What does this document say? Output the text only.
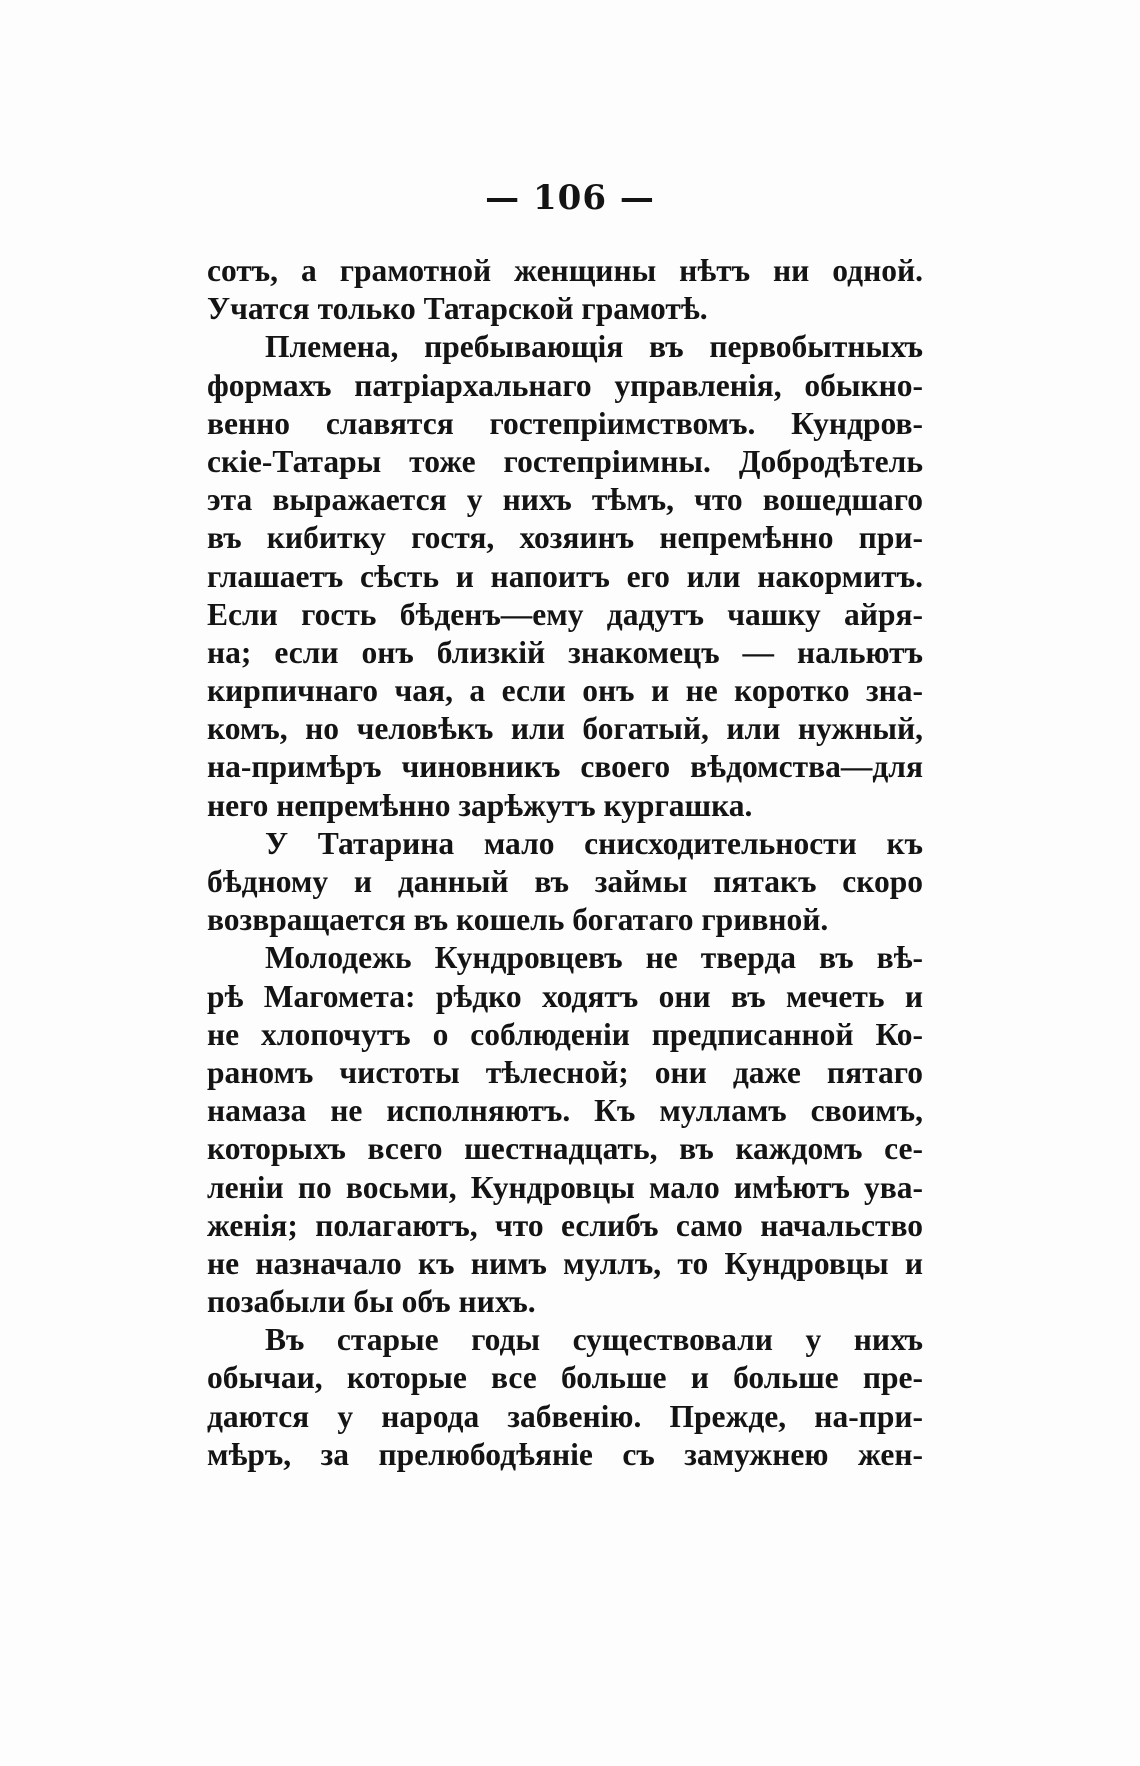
— 106 —
сотъ, а грамотной женщины нѣтъ ни одной.
Учатся только Татарской грамотѣ.
Племена, пребывающія въ первобытныхъ
формахъ патріархальнаго управленія, обыкно-
венно славятся гостепріимствомъ. Кундров-
скіе-Татары тоже гостепріимны. Добродѣтель
эта выражается у нихъ тѣмъ, что вошедшаго
въ кибитку гостя, хозяинъ непремѣнно при-
глашаетъ сѣсть и напоитъ его или накормитъ.
Если гость бѣденъ—ему дадутъ чашку айря-
на; если онъ близкій знакомецъ — нальютъ
кирпичнаго чая, а если онъ и не коротко зна-
комъ, но человѣкъ или богатый, или нужный,
на-примѣръ чиновникъ своего вѣдомства—для
него непремѣнно зарѣжутъ кургашка.
У Татарина мало снисходительности къ
бѣдному и данный въ займы пятакъ скоро
возвращается въ кошель богатаго гривной.
Молодежь Кундровцевъ не тверда въ вѣ-
рѣ Магомета: рѣдко ходятъ они въ мечеть и
не хлопочутъ о соблюденіи предписанной Ко-
раномъ чистоты тѣлесной; они даже пятаго
намаза не исполняютъ. Къ мулламъ своимъ,
которыхъ всего шестнадцать, въ каждомъ се-
леніи по восьми, Кундровцы мало имѣютъ ува-
женія; полагаютъ, что еслибъ само начальство
не назначало къ нимъ муллъ, то Кундровцы и
позабыли бы объ нихъ.
Въ старые годы существовали у нихъ
обычаи, которые все больше и больше пре-
даются у народа забвенію. Прежде, на-при-
мѣръ, за прелюбодѣяніе съ замужнею жен-
